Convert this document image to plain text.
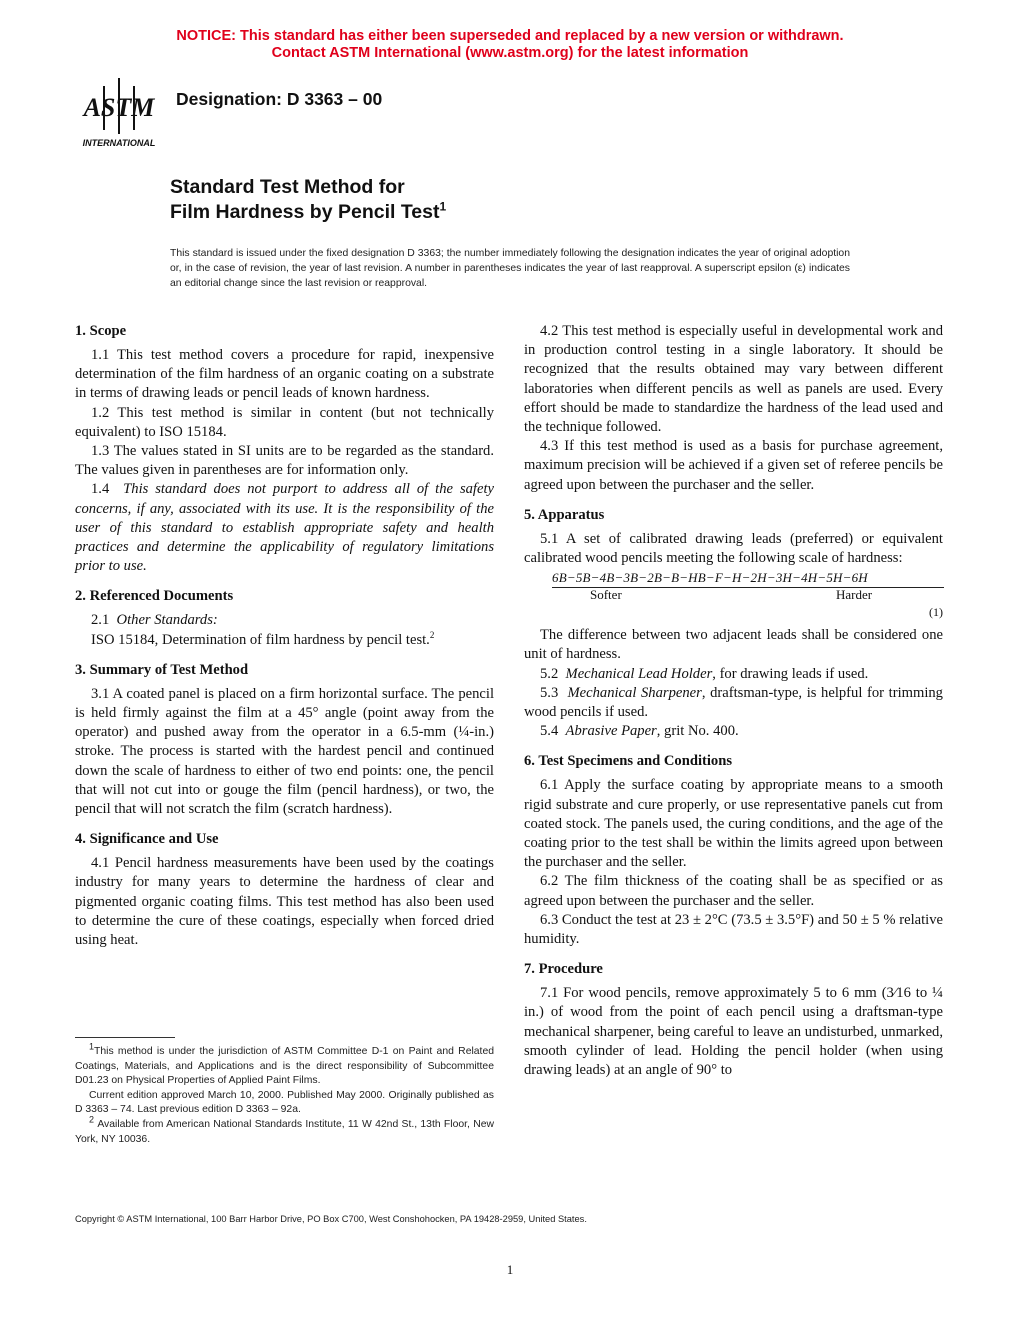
NOTICE: This standard has either been superseded and replaced by a new version or withdrawn.
Contact ASTM International (www.astm.org) for the latest information
ASTM
INTERNATIONAL
Designation: D 3363 – 00
Standard Test Method for
Film Hardness by Pencil Test$^1$
This standard is issued under the fixed designation D 3363; the number immediately following the designation indicates the year of original adoption or, in the case of revision, the year of last revision. A number in parentheses indicates the year of last reapproval. A superscript epsilon (ε) indicates an editorial change since the last revision or reapproval.
1. Scope

1.1 This test method covers a procedure for rapid, inexpensive determination of the film hardness of an organic coating on a substrate in terms of drawing leads or pencil leads of known hardness.

1.2 This test method is similar in content (but not technically equivalent) to ISO 15184.

1.3 The values stated in SI units are to be regarded as the standard. The values given in parentheses are for information only.

1.4 This standard does not purport to address all of the safety concerns, if any, associated with its use. It is the responsibility of the user of this standard to establish appropriate safety and health practices and determine the applicability of regulatory limitations prior to use.

2. Referenced Documents

2.1 Other Standards:

ISO 15184, Determination of film hardness by pencil test.$^2$

3. Summary of Test Method

3.1 A coated panel is placed on a firm horizontal surface. The pencil is held firmly against the film at a 45° angle (point away from the operator) and pushed away from the operator in a 6.5-mm (¼-in.) stroke. The process is started with the hardest pencil and continued down the scale of hardness to either of two end points: one, the pencil that will not cut into or gouge the film (pencil hardness), or two, the pencil that will not scratch the film (scratch hardness).

4. Significance and Use

4.1 Pencil hardness measurements have been used by the coatings industry for many years to determine the hardness of clear and pigmented organic coating films. This test method has also been used to determine the cure of these coatings, especially when forced dried using heat.

$^1$This method is under the jurisdiction of ASTM Committee D-1 on Paint and Related Coatings, Materials, and Applications and is the direct responsibility of Subcommittee D01.23 on Physical Properties of Applied Paint Films.

Current edition approved March 10, 2000. Published May 2000. Originally published as D 3363 – 74. Last previous edition D 3363 – 92a.

$^2$ Available from American National Standards Institute, 11 W 42nd St., 13th Floor, New York, NY 10036.

4.2 This test method is especially useful in developmental work and in production control testing in a single laboratory. It should be recognized that the results obtained may vary between different laboratories when different pencils as well as panels are used. Every effort should be made to standardize the hardness of the lead used and the technique followed.

4.3 If this test method is used as a basis for purchase agreement, maximum precision will be achieved if a given set of referee pencils be agreed upon between the purchaser and the seller.

5. Apparatus

5.1 A set of calibrated drawing leads (preferred) or equivalent calibrated wood pencils meeting the following scale of hardness:

6B−5B−4B−3B−2B−B−HB−F−H−2H−3H−4H−5H−6H
Softer	Harder
(1)

The difference between two adjacent leads shall be considered one unit of hardness.

5.2 Mechanical Lead Holder, for drawing leads if used.

5.3 Mechanical Sharpener, draftsman-type, is helpful for trimming wood pencils if used.

5.4 Abrasive Paper, grit No. 400.

6. Test Specimens and Conditions

6.1 Apply the surface coating by appropriate means to a smooth rigid substrate and cure properly, or use representative panels cut from coated stock. The panels used, the curing conditions, and the age of the coating prior to the test shall be within the limits agreed upon between the purchaser and the seller.

6.2 The film thickness of the coating shall be as specified or as agreed upon between the purchaser and the seller.

6.3 Conduct the test at 23 ± 2°C (73.5 ± 3.5°F) and 50 ± 5 % relative humidity.

7. Procedure

7.1 For wood pencils, remove approximately 5 to 6 mm (3⁄16 to ¼ in.) of wood from the point of each pencil using a draftsman-type mechanical sharpener, being careful to leave an undisturbed, unmarked, smooth cylinder of lead. Holding the pencil holder (when using drawing leads) at an angle of 90° to

Copyright © ASTM International, 100 Barr Harbor Drive, PO Box C700, West Conshohocken, PA 19428-2959, United States.
1
